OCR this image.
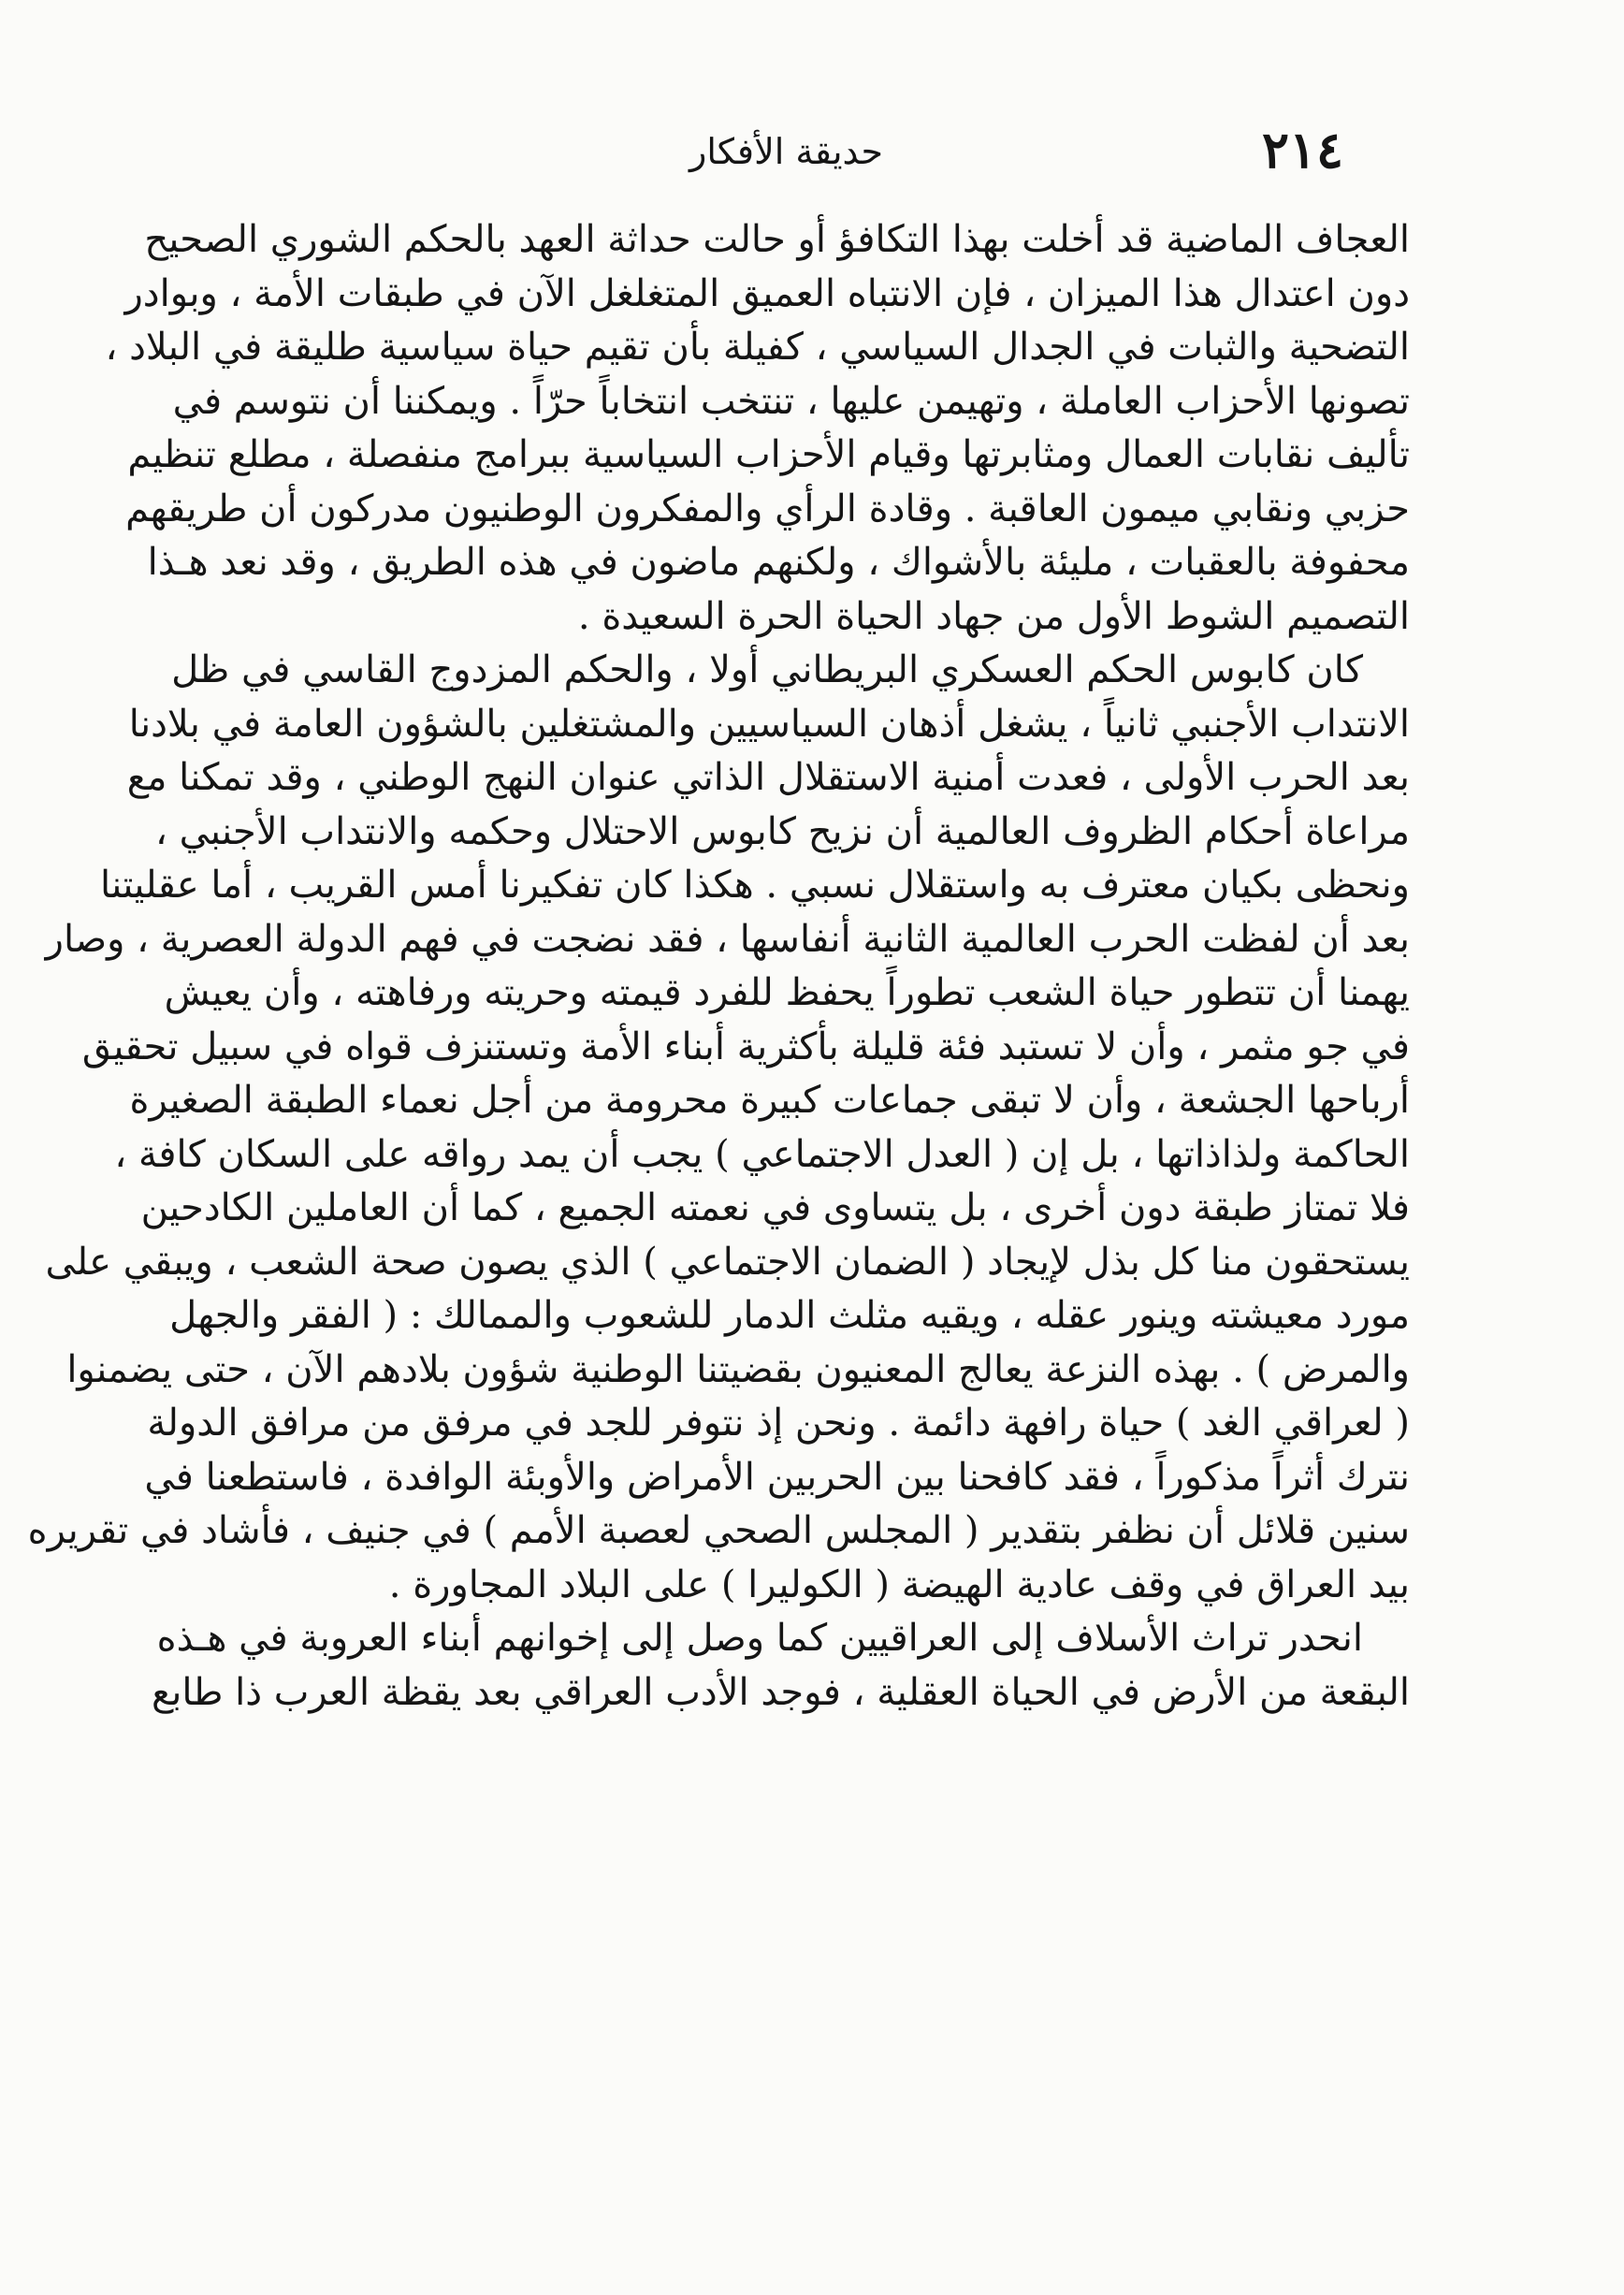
٢١٤
حديقة الأفكار
العجاف الماضية قد أخلت بهذا التكافؤ أو حالت حداثة العهد بالحكم الشوري الصحيح
دون اعتدال هذا الميزان ، فإن الانتباه العميق المتغلغل الآن في طبقات الأمة ، وبوادر
التضحية والثبات في الجدال السياسي ، كفيلة بأن تقيم حياة سياسية طليقة في البلاد ،
تصونها الأحزاب العاملة ، وتهيمن عليها ، تنتخب انتخاباً حرّاً . ويمكننا أن نتوسم في
تأليف نقابات العمال ومثابرتها وقيام الأحزاب السياسية ببرامج منفصلة ، مطلع تنظيم
حزبي ونقابي ميمون العاقبة . وقادة الرأي والمفكرون الوطنيون مدركون أن طريقهم
محفوفة بالعقبات ، مليئة بالأشواك ، ولكنهم ماضون في هذه الطريق ، وقد نعد هـذا
التصميم الشوط الأول من جهاد الحياة الحرة السعيدة .
كان كابوس الحكم العسكري البريطاني أولا ، والحكم المزدوج القاسي في ظل
الانتداب الأجنبي ثانياً ، يشغل أذهان السياسيين والمشتغلين بالشؤون العامة في بلادنا
بعد الحرب الأولى ، فعدت أمنية الاستقلال الذاتي عنوان النهج الوطني ، وقد تمكنا مع
مراعاة أحكام الظروف العالمية أن نزيح كابوس الاحتلال وحكمه والانتداب الأجنبي ،
ونحظى بكيان معترف به واستقلال نسبي . هكذا كان تفكيرنا أمس القريب ، أما عقليتنا
بعد أن لفظت الحرب العالمية الثانية أنفاسها ، فقد نضجت في فهم الدولة العصرية ، وصار
يهمنا أن تتطور حياة الشعب تطوراً يحفظ للفرد قيمته وحريته ورفاهته ، وأن يعيش
في جو مثمر ، وأن لا تستبد فئة قليلة بأكثرية أبناء الأمة وتستنزف قواه في سبيل تحقيق
أرباحها الجشعة ، وأن لا تبقى جماعات كبيرة محرومة من أجل نعماء الطبقة الصغيرة
الحاكمة ولذاذاتها ، بل إن ( العدل الاجتماعي ) يجب أن يمد رواقه على السكان كافة ،
فلا تمتاز طبقة دون أخرى ، بل يتساوى في نعمته الجميع ، كما أن العاملين الكادحين
يستحقون منا كل بذل لإيجاد ( الضمان الاجتماعي ) الذي يصون صحة الشعب ، ويبقي على
مورد معيشته وينور عقله ، ويقيه مثلث الدمار للشعوب والممالك : ( الفقر والجهل
والمرض ) . بهذه النزعة يعالج المعنيون بقضيتنا الوطنية شؤون بلادهم الآن ، حتى يضمنوا
( لعراقي الغد ) حياة رافهة دائمة . ونحن إذ نتوفر للجد في مرفق من مرافق الدولة
نترك أثراً مذكوراً ، فقد كافحنا بين الحربين الأمراض والأوبئة الوافدة ، فاستطعنا في
سنين قلائل أن نظفر بتقدير ( المجلس الصحي لعصبة الأمم ) في جنيف ، فأشاد في تقريره
بيد العراق في وقف عادية الهيضة ( الكوليرا ) على البلاد المجاورة .
انحدر تراث الأسلاف إلى العراقيين كما وصل إلى إخوانهم أبناء العروبة في هـذه
البقعة من الأرض في الحياة العقلية ، فوجد الأدب العراقي بعد يقظة العرب ذا طابع
